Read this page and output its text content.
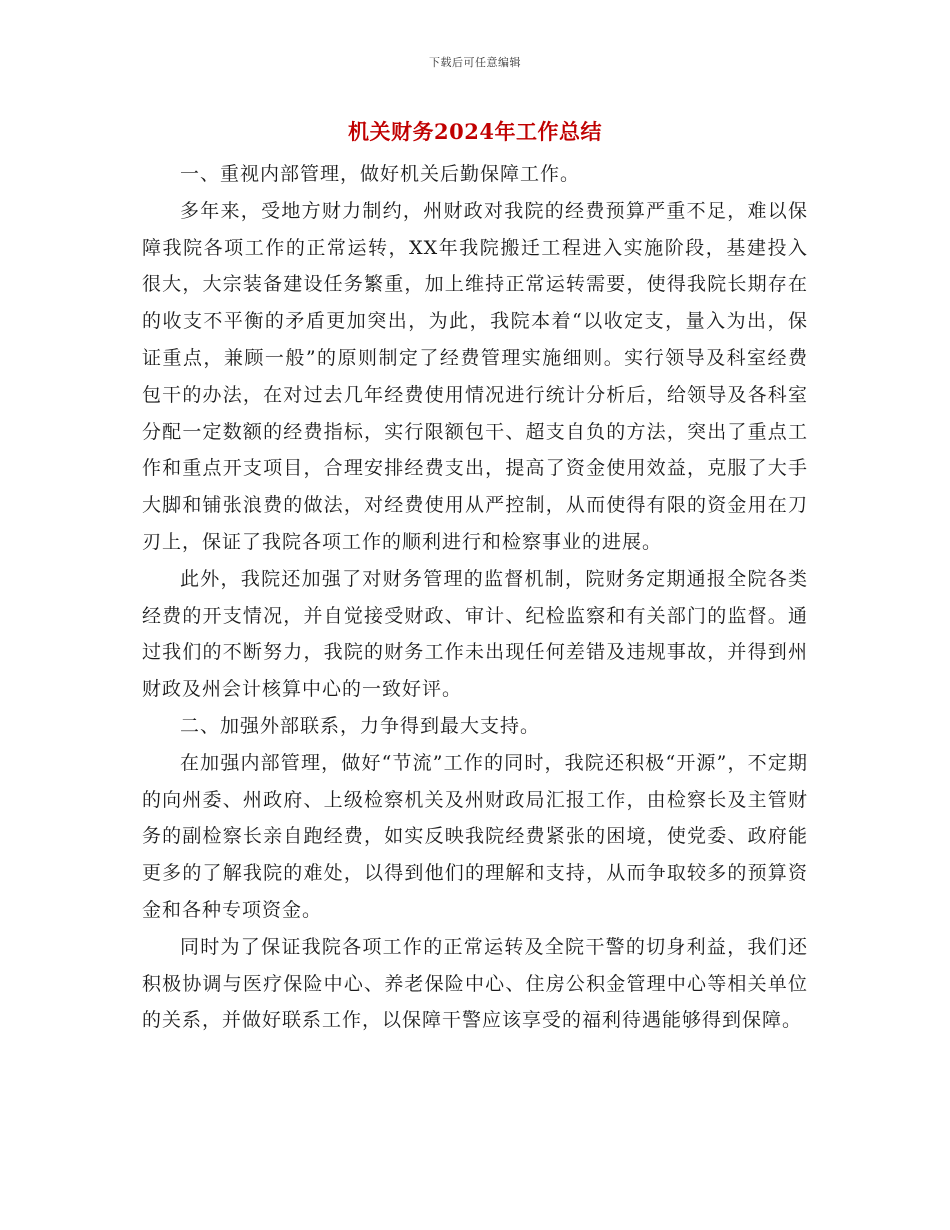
下载后可任意编辑
机关财务2024年工作总结

一、重视内部管理，做好机关后勤保障工作。

多年来，受地方财力制约，州财政对我院的经费预算严重不足，难以保障我院各项工作的正常运转，XX年我院搬迁工程进入实施阶段，基建投入很大，大宗装备建设任务繁重，加上维持正常运转需要，使得我院长期存在的收支不平衡的矛盾更加突出，为此，我院本着“以收定支，量入为出，保证重点，兼顾一般”的原则制定了经费管理实施细则。实行领导及科室经费包干的办法，在对过去几年经费使用情况进行统计分析后，给领导及各科室分配一定数额的经费指标，实行限额包干、超支自负的方法，突出了重点工作和重点开支项目，合理安排经费支出，提高了资金使用效益，克服了大手大脚和铺张浪费的做法，对经费使用从严控制，从而使得有限的资金用在刀刃上，保证了我院各项工作的顺利进行和检察事业的进展。

此外，我院还加强了对财务管理的监督机制，院财务定期通报全院各类经费的开支情况，并自觉接受财政、审计、纪检监察和有关部门的监督。通过我们的不断努力，我院的财务工作未出现任何差错及违规事故，并得到州财政及州会计核算中心的一致好评。

二、加强外部联系，力争得到最大支持。

在加强内部管理，做好“节流”工作的同时，我院还积极“开源”，不定期的向州委、州政府、上级检察机关及州财政局汇报工作，由检察长及主管财务的副检察长亲自跑经费，如实反映我院经费紧张的困境，使党委、政府能更多的了解我院的难处，以得到他们的理解和支持，从而争取较多的预算资金和各种专项资金。

同时为了保证我院各项工作的正常运转及全院干警的切身利益，我们还积极协调与医疗保险中心、养老保险中心、住房公积金管理中心等相关单位的关系，并做好联系工作，以保障干警应该享受的福利待遇能够得到保障。
